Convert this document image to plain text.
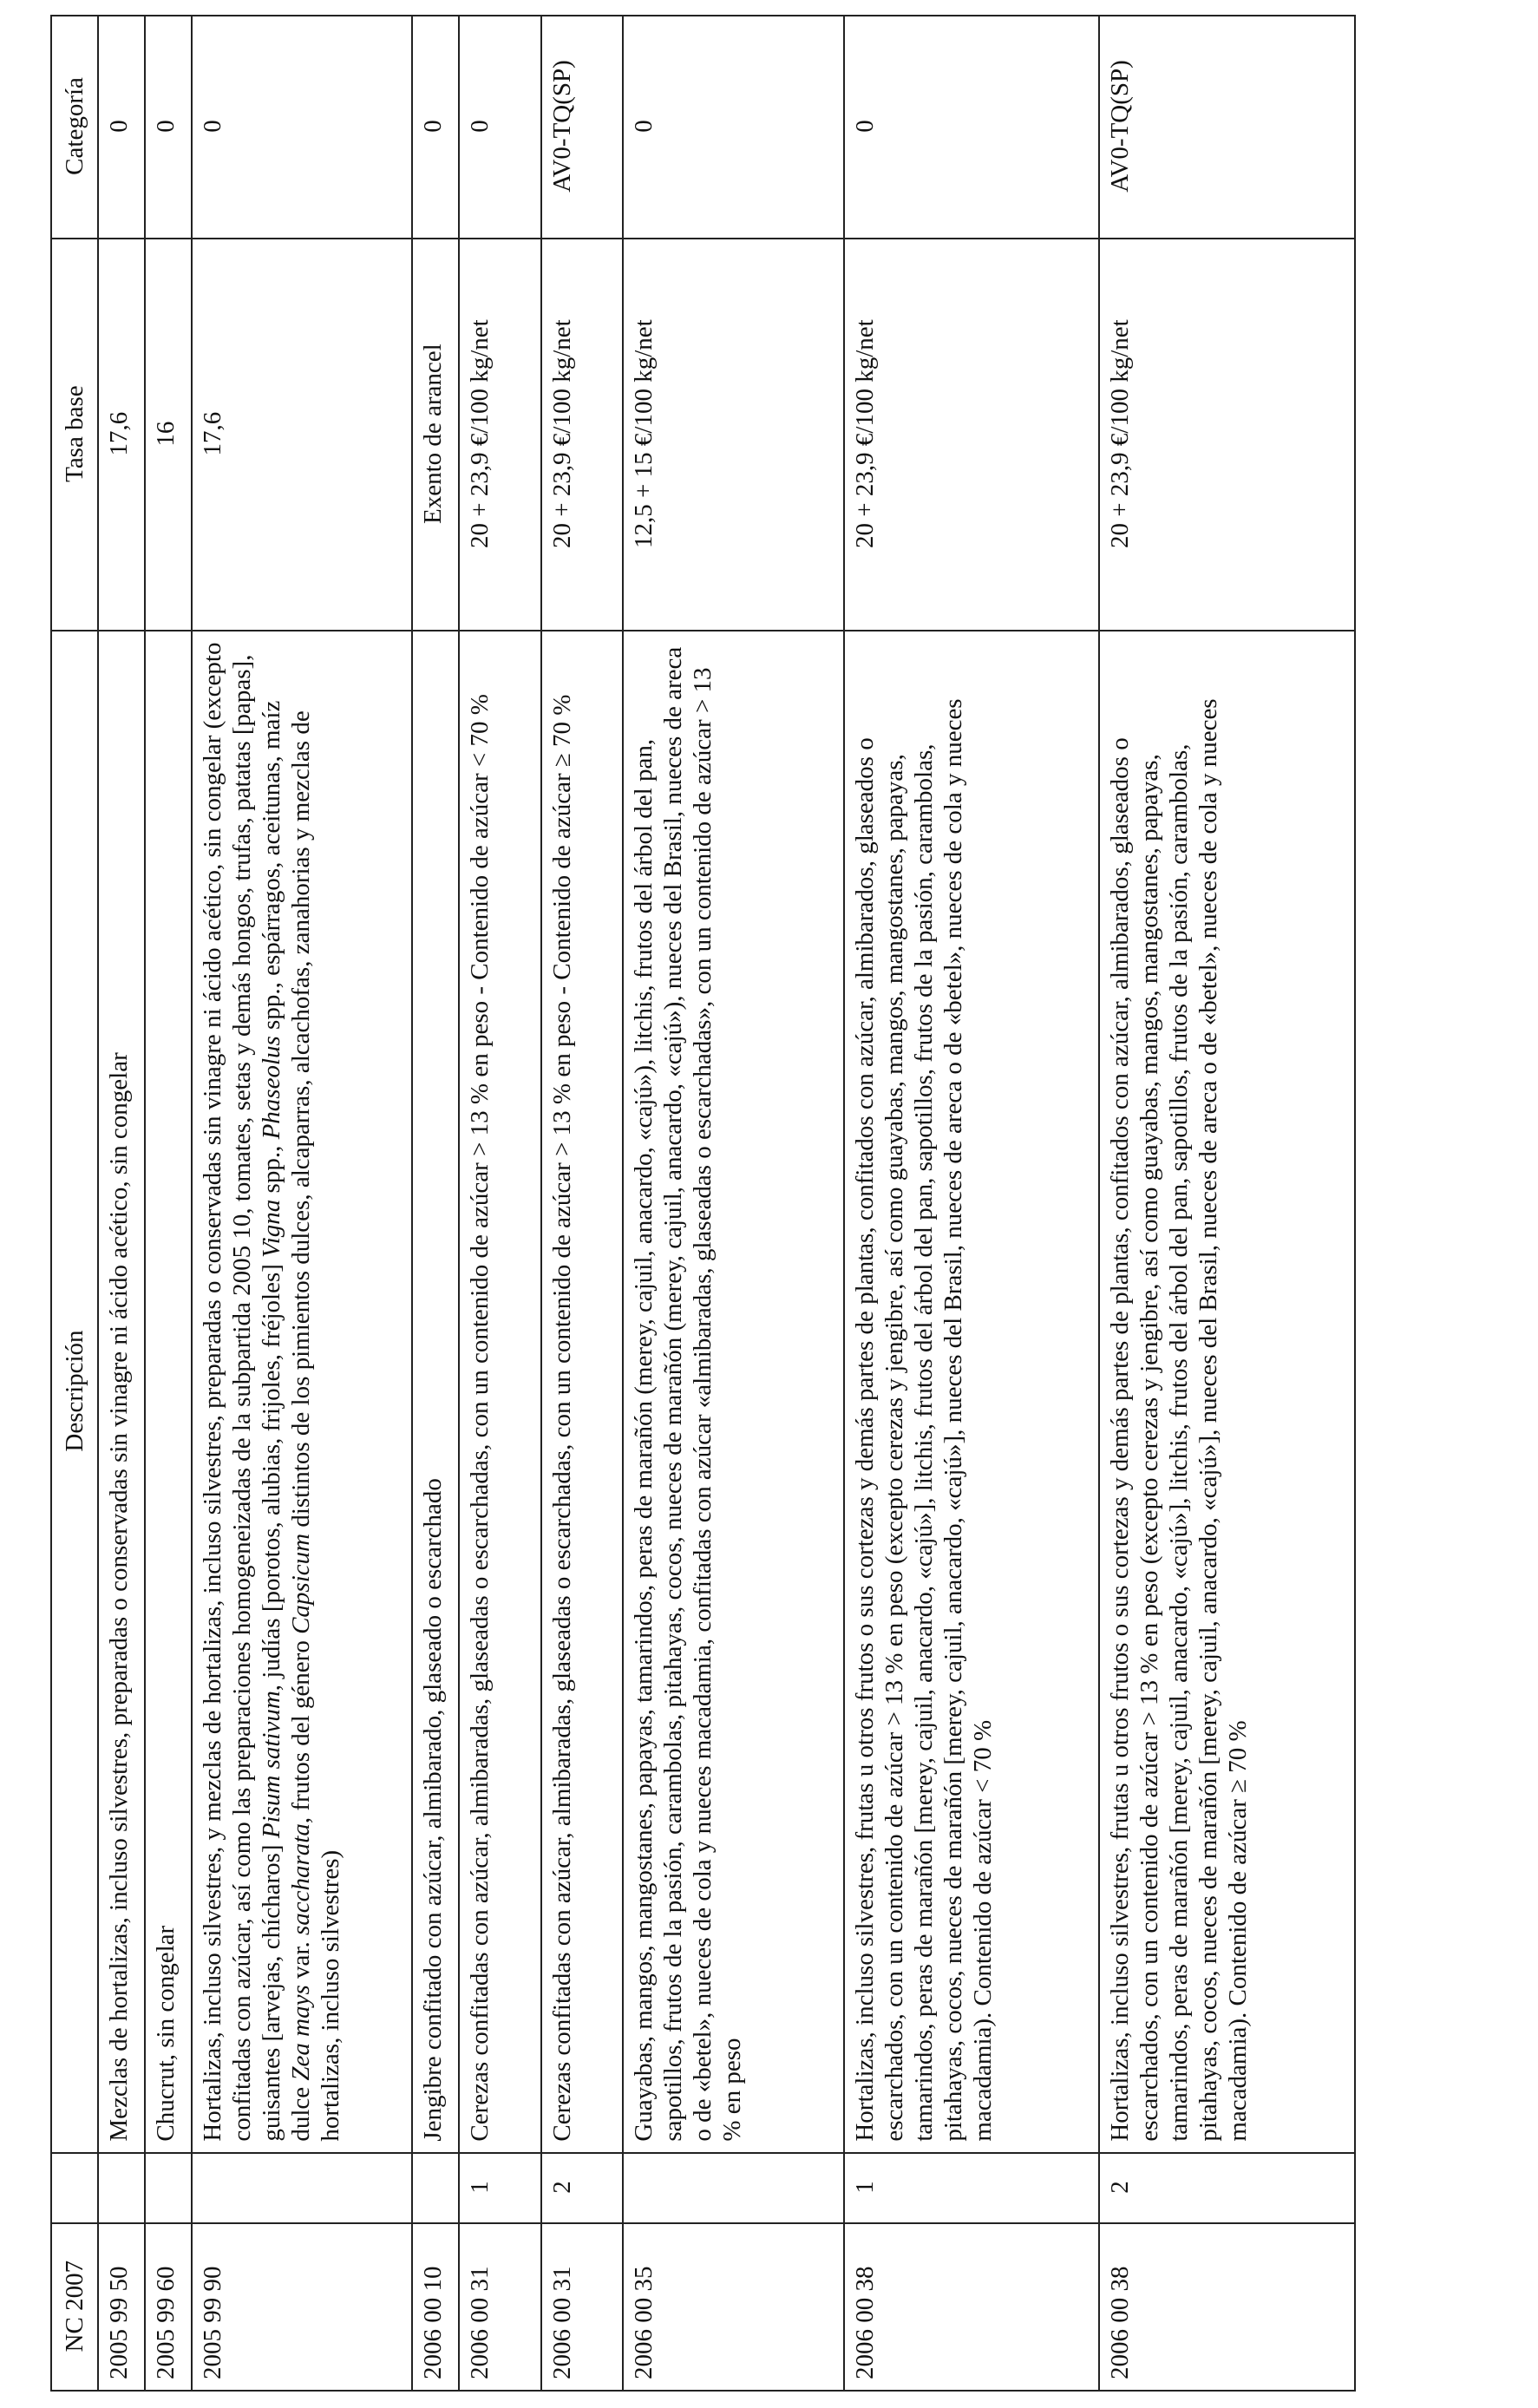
NC 2007		Descripción	Tasa base	Categoría
2005 99 50		Mezclas de hortalizas, incluso silvestres, preparadas o conservadas sin vinagre ni ácido acético, sin congelar	17,6	0
2005 99 60		Chucrut, sin congelar	16	0
2005 99 90		Hortalizas, incluso silvestres, y mezclas de hortalizas, incluso silvestres, preparadas o conservadas sin vinagre ni ácido acético, sin congelar (excepto confitadas con azúcar, así como las preparaciones homogeneizadas de la subpartida 2005 10, tomates, setas y demás hongos, trufas, patatas [papas], guisantes [arvejas, chícharos] Pisum sativum, judías [porotos, alubias, frijoles, fréjoles] Vigna spp., Phaseolus spp., espárragos, aceitunas, maíz dulce Zea mays var. saccharata, frutos del género Capsicum distintos de los pimientos dulces, alcaparras, alcachofas, zanahorias y mezclas de hortalizas, incluso silvestres)	17,6	0
2006 00 10		Jengibre confitado con azúcar, almibarado, glaseado o escarchado	Exento de arancel	0
2006 00 31	1	Cerezas confitadas con azúcar, almibaradas, glaseadas o escarchadas, con un contenido de azúcar > 13 % en peso - Contenido de azúcar < 70 %	20 + 23,9 €/100 kg/net	0
2006 00 31	2	Cerezas confitadas con azúcar, almibaradas, glaseadas o escarchadas, con un contenido de azúcar > 13 % en peso - Contenido de azúcar ≥ 70 %	20 + 23,9 €/100 kg/net	AV0-TQ(SP)
2006 00 35		Guayabas, mangos, mangostanes, papayas, tamarindos, peras de marañón (merey, cajuil, anacardo, «cajú»), litchis, frutos del árbol del pan, sapotillos, frutos de la pasión, carambolas, pitahayas, cocos, nueces de marañón (merey, cajuil, anacardo, «cajú»), nueces del Brasil, nueces de areca o de «betel», nueces de cola y nueces macadamia, confitadas con azúcar «almibaradas, glaseadas o escarchadas», con un contenido de azúcar > 13 % en peso	12,5 + 15 €/100 kg/net	0
2006 00 38	1	Hortalizas, incluso silvestres, frutas u otros frutos o sus cortezas y demás partes de plantas, confitados con azúcar, almibarados, glaseados o escarchados, con un contenido de azúcar > 13 % en peso (excepto cerezas y jengibre, así como guayabas, mangos, mangostanes, papayas, tamarindos, peras de marañón [merey, cajuil, anacardo, «cajú»], litchis, frutos del árbol del pan, sapotillos, frutos de la pasión, carambolas, pitahayas, cocos, nueces de marañón [merey, cajuil, anacardo, «cajú»], nueces del Brasil, nueces de areca o de «betel», nueces de cola y nueces macadamia). Contenido de azúcar < 70 %	20 + 23,9 €/100 kg/net	0
2006 00 38	2	Hortalizas, incluso silvestres, frutas u otros frutos o sus cortezas y demás partes de plantas, confitados con azúcar, almibarados, glaseados o escarchados, con un contenido de azúcar > 13 % en peso (excepto cerezas y jengibre, así como guayabas, mangos, mangostanes, papayas, tamarindos, peras de marañón [merey, cajuil, anacardo, «cajú»], litchis, frutos del árbol del pan, sapotillos, frutos de la pasión, carambolas, pitahayas, cocos, nueces de marañón [merey, cajuil, anacardo, «cajú»], nueces del Brasil, nueces de areca o de «betel», nueces de cola y nueces macadamia). Contenido de azúcar ≥ 70 %	20 + 23,9 €/100 kg/net	AV0-TQ(SP)
